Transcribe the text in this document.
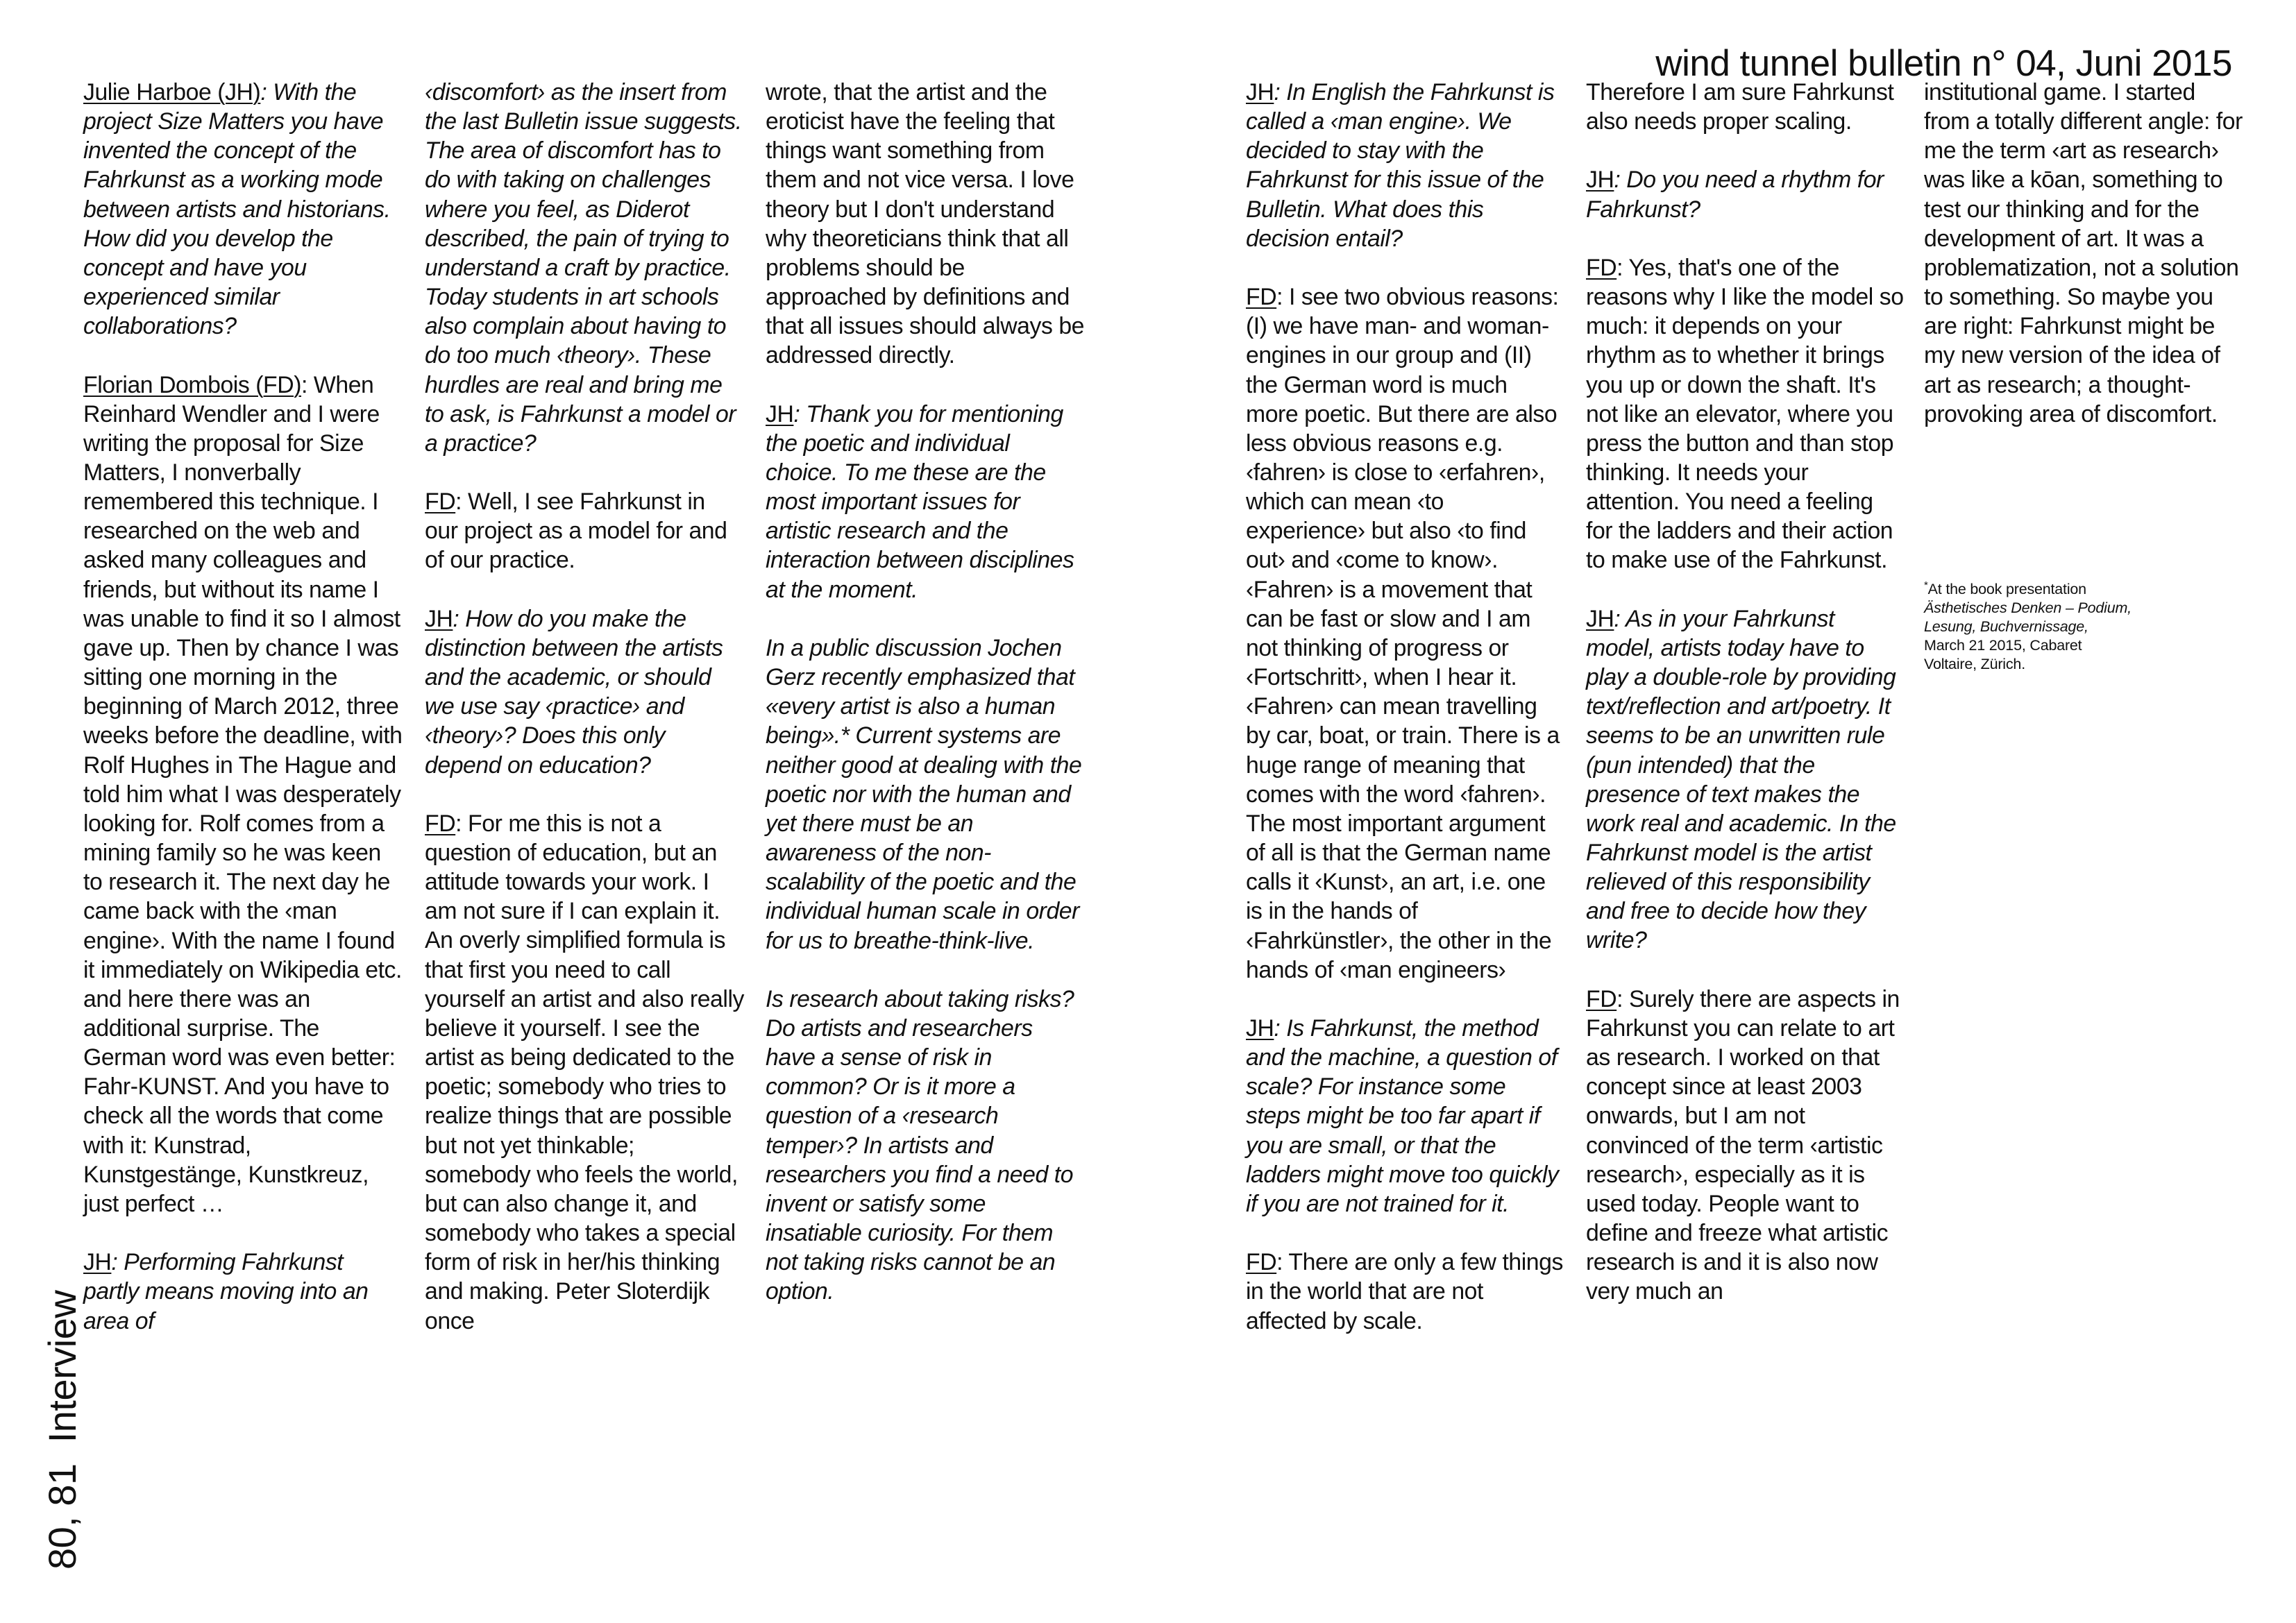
wind tunnel bulletin n° 04, Juni 2015
80, 81Interview

Julie Harboe (JH): With the project Size Matters you have invented the concept of the Fahrkunst as a working mode between artists and historians. How did you develop the concept and have you experienced similar collaborations?

Florian Dombois (FD): When Reinhard Wendler and I were writing the proposal for Size Matters, I nonverbally remembered this technique. I researched on the web and asked many colleagues and friends, but without its name I was unable to find it so I almost gave up. Then by chance I was sitting one morning in the beginning of March 2012, three weeks before the deadline, with Rolf Hughes in The Hague and told him what I was desperately looking for. Rolf comes from a mining family so he was keen to research it. The next day he came back with the ‹man engine›. With the name I found it immediately on Wikipedia etc. and here there was an additional surprise. The German word was even better: Fahr-KUNST. And you have to check all the words that come with it: Kunstrad, Kunstgestänge, Kunstkreuz, just perfect …

JH: Performing Fahrkunst partly means moving into an area of

‹discomfort› as the insert from the last Bulletin issue suggests. The area of discomfort has to do with taking on challenges where you feel, as Diderot described, the pain of trying to understand a craft by practice. Today students in art schools also complain about having to do too much ‹theory›. These hurdles are real and bring me to ask, is Fahrkunst a model or a practice?

FD: Well, I see Fahrkunst in our project as a model for and of our practice.

JH: How do you make the distinction between the artists and the academic, or should we use say ‹practice› and ‹theory›? Does this only depend on education?

FD: For me this is not a question of education, but an attitude towards your work. I am not sure if I can explain it. An overly simplified formula is that first you need to call yourself an artist and also really believe it yourself. I see the artist as being dedicated to the poetic; somebody who tries to realize things that are possible but not yet thinkable; somebody who feels the world, but can also change it, and somebody who takes a special form of risk in her/his thinking and making. Peter Sloterdijk once

wrote, that the artist and the eroticist have the feeling that things want something from them and not vice versa. I love theory but I don't understand why theoreticians think that all problems should be approached by definitions and that all issues should always be addressed directly.

JH: Thank you for mentioning the poetic and individual choice. To me these are the most important issues for artistic research and the interaction between disciplines at the moment.

In a public discussion Jochen Gerz recently emphasized that «every artist is also a human being».* Current systems are neither good at dealing with the poetic nor with the human and yet there must be an awareness of the non-scalability of the poetic and the individual human scale in order for us to breathe-think-live.

Is research about taking risks? Do artists and researchers have a sense of risk in common? Or is it more a question of a ‹research temper›? In artists and researchers you find a need to invent or satisfy some insatiable curiosity. For them not taking risks cannot be an option.

JH: In English the Fahrkunst is called a ‹man engine›. We decided to stay with the Fahrkunst for this issue of the Bulletin. What does this decision entail?

FD: I see two obvious reasons: (I) we have man- and woman-engines in our group and (II) the German word is much more poetic. But there are also less obvious reasons e.g. ‹fahren› is close to ‹erfahren›, which can mean ‹to experience› but also ‹to find out› and ‹come to know›. ‹Fahren› is a movement that can be fast or slow and I am not thinking of progress or ‹Fortschritt›, when I hear it. ‹Fahren› can mean travelling by car, boat, or train. There is a huge range of meaning that comes with the word ‹fahren›. The most important argument of all is that the German name calls it ‹Kunst›, an art, i.e. one is in the hands of ‹Fahrkünstler›, the other in the hands of ‹man engineers›

JH: Is Fahrkunst, the method and the machine, a question of scale? For instance some steps might be too far apart if you are small, or that the ladders might move too quickly if you are not trained for it.

FD: There are only a few things in the world that are not affected by scale.

Therefore I am sure Fahrkunst also needs proper scaling.

JH: Do you need a rhythm for Fahrkunst?

FD: Yes, that's one of the reasons why I like the model so much: it depends on your rhythm as to whether it brings you up or down the shaft. It's not like an elevator, where you press the button and than stop thinking. It needs your attention. You need a feeling for the ladders and their action to make use of the Fahrkunst.

JH: As in your Fahrkunst model, artists today have to play a double-role by providing text/reflection and art/poetry. It seems to be an unwritten rule (pun intended) that the presence of text makes the work real and academic. In the Fahrkunst model is the artist relieved of this responsibility and free to decide how they write?

FD: Surely there are aspects in Fahrkunst you can relate to art as research. I worked on that concept since at least 2003 onwards, but I am not convinced of the term ‹artistic research›, especially as it is used today. People want to define and freeze what artistic research is and it is also now very much an

institutional game. I started from a totally different angle: for me the term ‹art as research› was like a kōan, something to test our thinking and for the development of art. It was a problematization, not a solution to something. So maybe you are right: Fahrkunst might be my new version of the idea of art as research; a thought-provoking area of discomfort.

*At the book presentation Ästhetisches Denken – Podium, Lesung, Buchvernissage, March 21 2015, Cabaret Voltaire, Zürich.
